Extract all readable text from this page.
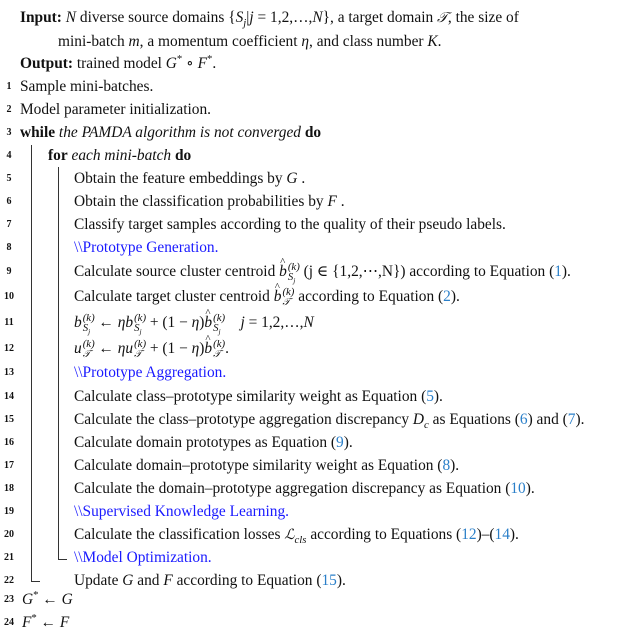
Input: N diverse source domains {$S_j|j$ = 1,2,…,N}, a target domain 𝒯, the size of
mini-batch m, a momentum coefficient η, and class number K.
Output: trained model G* ∘ F*.
1 Sample mini-batches.
2 Model parameter initialization.
3 while the PAMDA algorithm is not converged do
4 for each mini-batch do
5	Obtain the feature embeddings by G .
6	Obtain the classification probabilities by F .
7	Classify target samples according to the quality of their pseudo labels.
8	\\Prototype Generation.
9	Calculate source cluster centroid ^ b (k)
$S_j$
(j ∈ {1,2,⋯,N}) according to Equation (1).
10	Calculate target cluster centroid ^ b (k)
𝒯 according to Equation (2).
11	b (k)
$S_j$
← ηb (k)
$S_j$
+ (1 − η)^ b (k)
$S_j$
j = 1,2,…,N
12	u (k)
𝒯 ← ηu (k)
𝒯 + (1 − η)^ b (k)
𝒯 .
13	\\Prototype Aggregation.
14	Calculate class–prototype similarity weight as Equation (5).
15	Calculate the class–prototype aggregation discrepancy $D_c$ as Equations (6) and (7).
16	Calculate domain prototypes as Equation (9).
17	Calculate domain–prototype similarity weight as Equation (8).
18	Calculate the domain–prototype aggregation discrepancy as Equation (10).
19	\\Supervised Knowledge Learning.
20	Calculate the classification losses ℒ$_{cls}$ according to Equations (12)–(14).
21	\\Model Optimization.
22	Update G and F according to Equation (15).
23 G* ← G
24 F* ← F
